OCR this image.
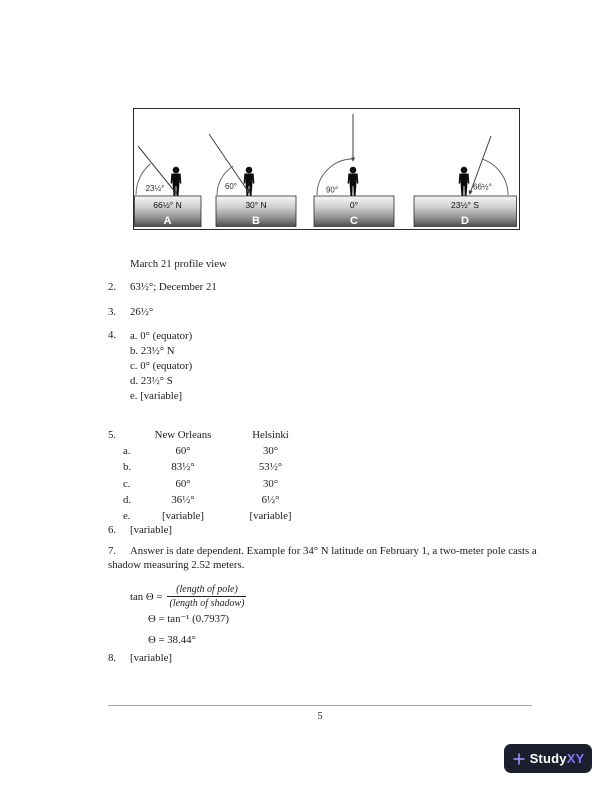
23½°	60°	90°	66½°
66½° N	30° N	0°	23½° S
A	B	C	D
March 21 profile view
2. 63½°; December 21
3. 26½°
4. a. 0° (equator)
b. 23½° N
c. 0° (equator)
d. 23½° S
e. [variable]
5.	New Orleans	Helsinki
a.	60°	30°
b.	83½°	53½°
c.	60°	30°
d.	36½°	6½°
e.	[variable]	[variable]
6. [variable]
7. Answer is date dependent. Example for 34° N latitude on February 1, a two-meter pole casts a
shadow measuring 2.52 meters.
$\tan \Theta = \frac{\text{(length of pole)}}{\text{(length of shadow)}}$
Θ = tan⁻¹ (0.7937)
Θ = 38.44°
8. [variable]
5
StudyXY
